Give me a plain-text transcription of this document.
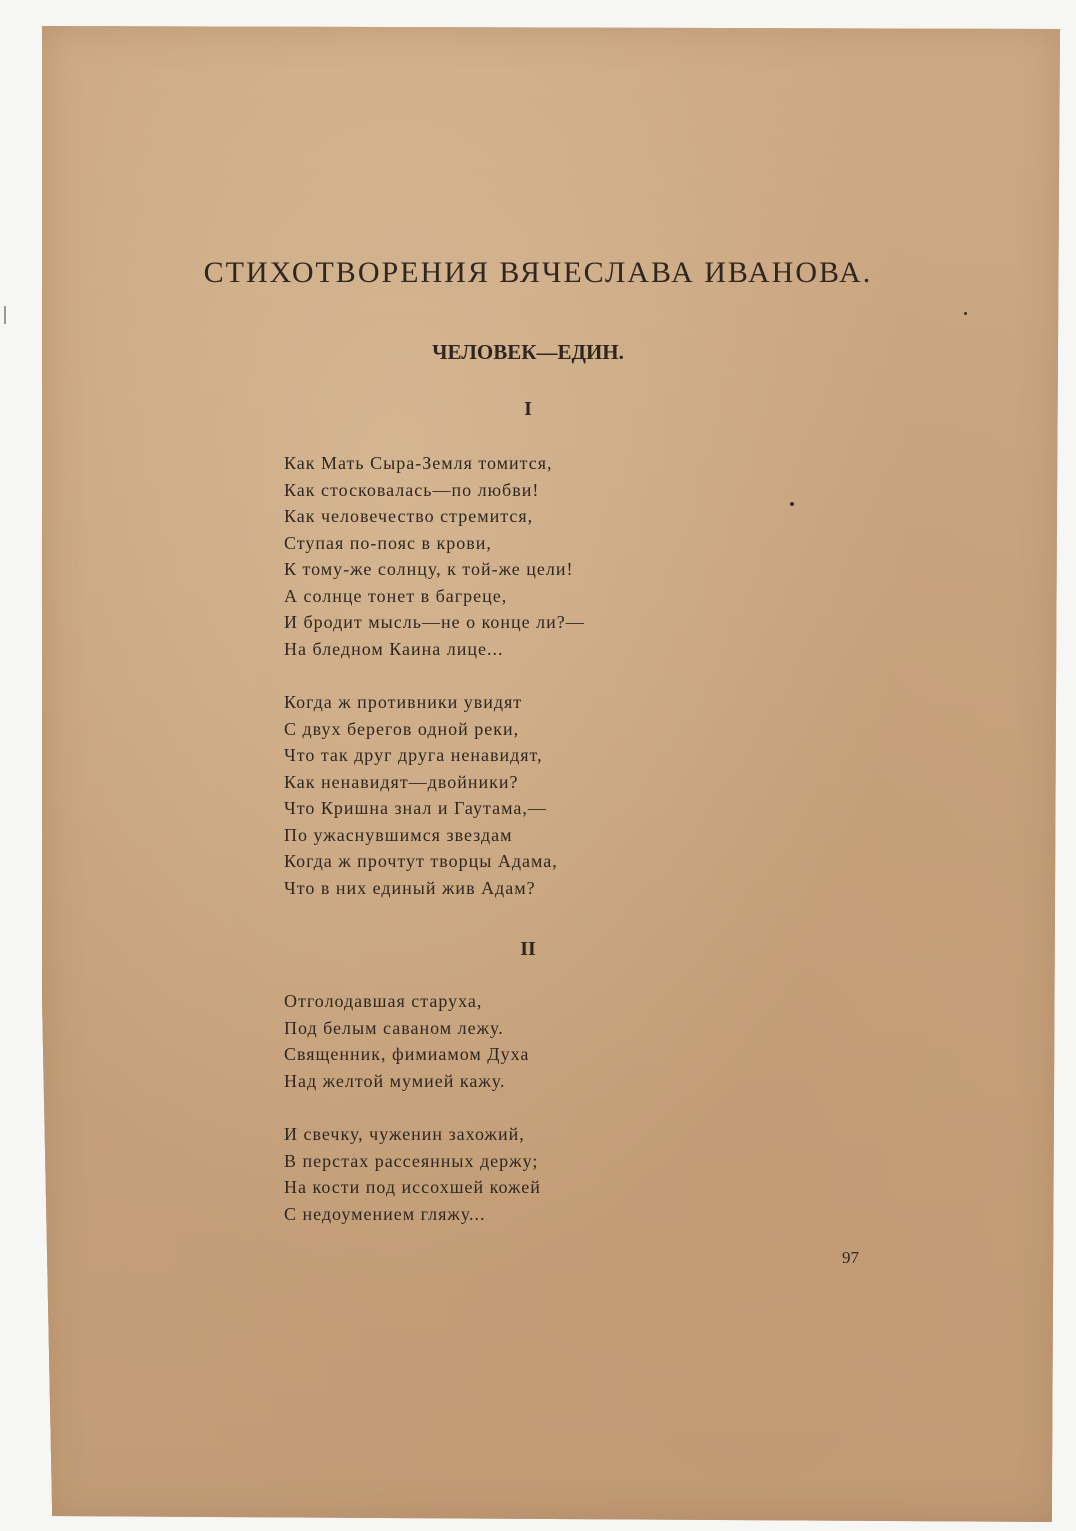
СТИХОТВОРЕНИЯ ВЯЧЕСЛАВА ИВАНОВА.
ЧЕЛОВЕК—ЕДИН.

I

Как Мать Сыра-Земля томится,
Как стосковалась—по любви!
Как человечество стремится,
Ступая по-пояс в крови,
К тому-же солнцу, к той-же цели!
А солнце тонет в багреце,
И бродит мысль—не о конце ли?—
На бледном Каина лице...
Когда ж противники увидят
С двух берегов одной реки,
Что так друг друга ненавидят,
Как ненавидят—двойники?
Что Кришна знал и Гаутама,—
По ужаснувшимся звездам
Когда ж прочтут творцы Адама,
Что в них единый жив Адам?

II

Отголодавшая старуха,
Под белым саваном лежу.
Священник, фимиамом Духа
Над желтой мумией кажу.
И свечку, чуженин захожий,
В перстах рассеянных держу;
На кости под иссохшей кожей
С недоумением гляжу...

97
